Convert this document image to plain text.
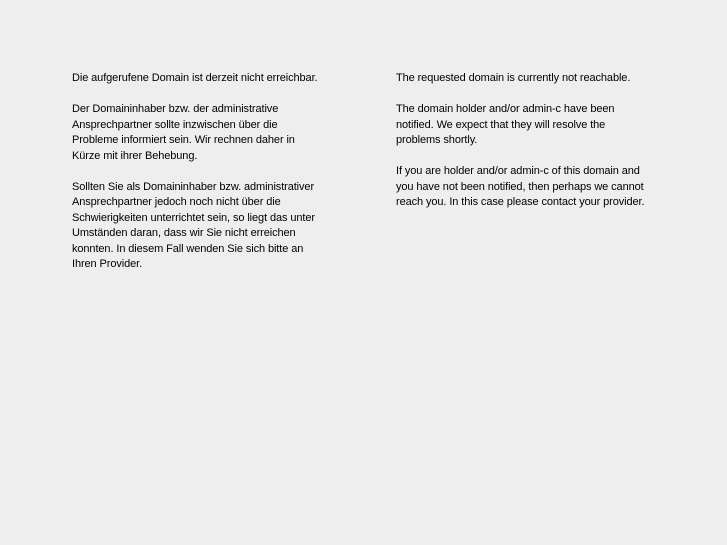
Die aufgerufene Domain ist derzeit nicht erreichbar.

Der Domaininhaber bzw. der administrative
Ansprechpartner sollte inzwischen über die
Probleme informiert sein. Wir rechnen daher in
Kürze mit ihrer Behebung.

Sollten Sie als Domaininhaber bzw. administrativer
Ansprechpartner jedoch noch nicht über die
Schwierigkeiten unterrichtet sein, so liegt das unter
Umständen daran, dass wir Sie nicht erreichen
konnten. In diesem Fall wenden Sie sich bitte an
Ihren Provider.

The requested domain is currently not reachable.

The domain holder and/or admin-c have been
notified. We expect that they will resolve the
problems shortly.

If you are holder and/or admin-c of this domain and
you have not been notified, then perhaps we cannot
reach you. In this case please contact your provider.
